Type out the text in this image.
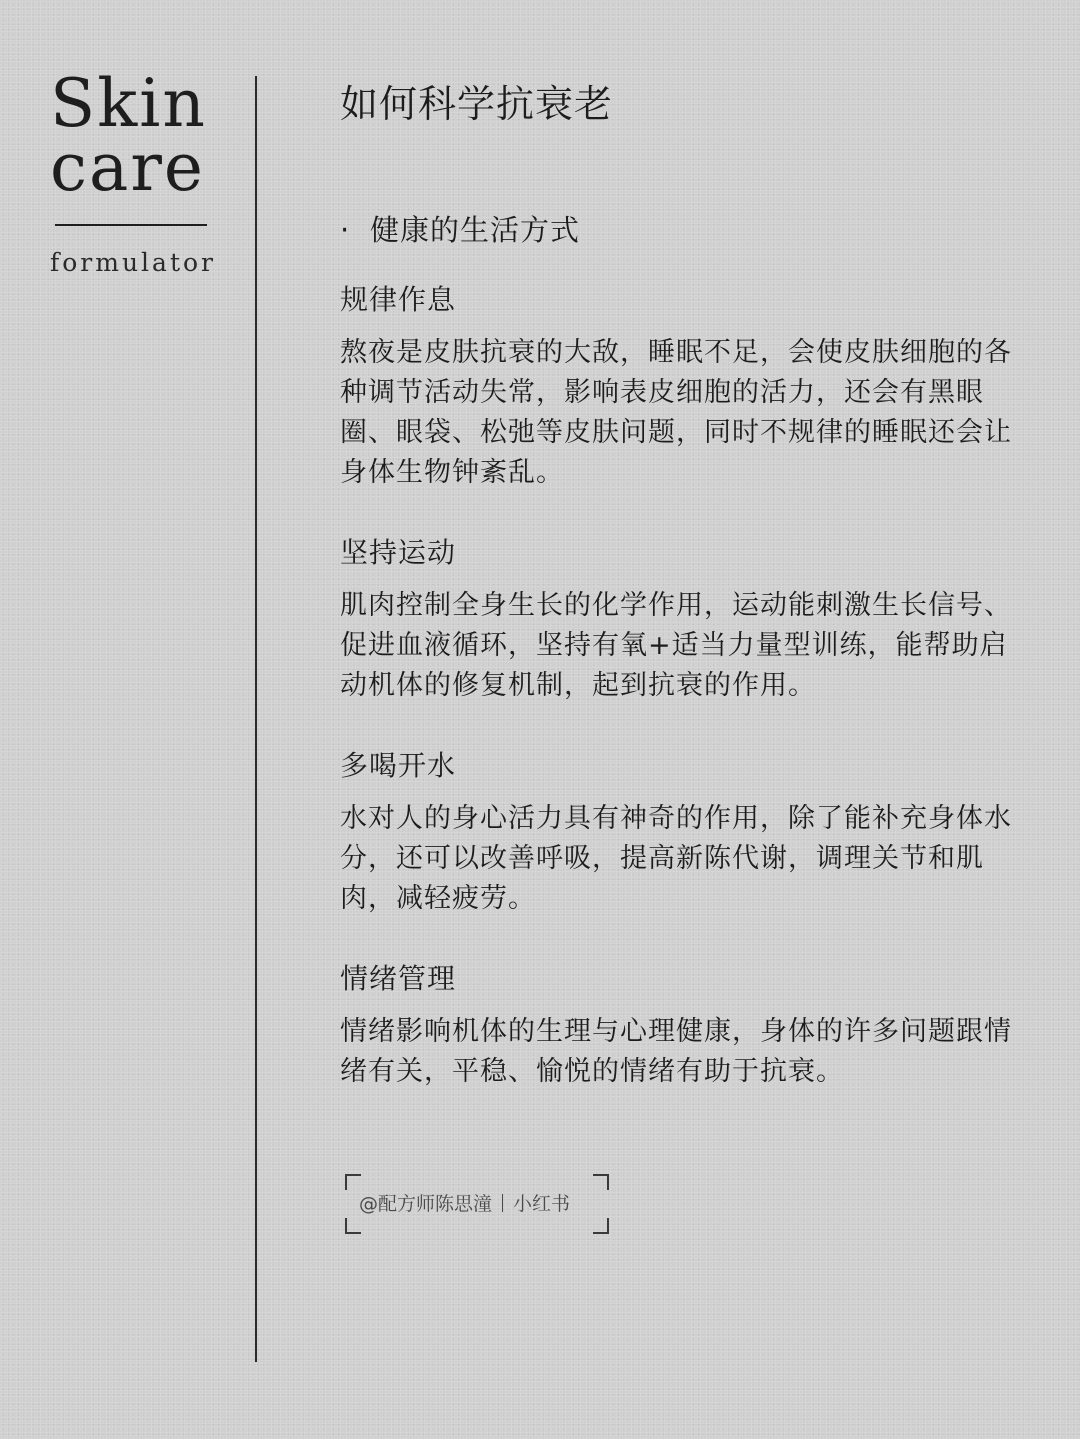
Skin
care
formulator
如何科学抗衰老
· 健康的生活方式
规律作息
熬夜是皮肤抗衰的大敌，睡眠不足，会使皮肤细胞的各种调节活动失常，影响表皮细胞的活力，还会有黑眼圈、眼袋、松弛等皮肤问题，同时不规律的睡眠还会让身体生物钟紊乱。
坚持运动
肌肉控制全身生长的化学作用，运动能刺激生长信号、促进血液循环，坚持有氧+适当力量型训练，能帮助启动机体的修复机制，起到抗衰的作用。
多喝开水
水对人的身心活力具有神奇的作用，除了能补充身体水分，还可以改善呼吸，提高新陈代谢，调理关节和肌肉，减轻疲劳。
情绪管理
情绪影响机体的生理与心理健康，身体的许多问题跟情绪有关，平稳、愉悦的情绪有助于抗衰。
@配方师陈思潼 小红书
